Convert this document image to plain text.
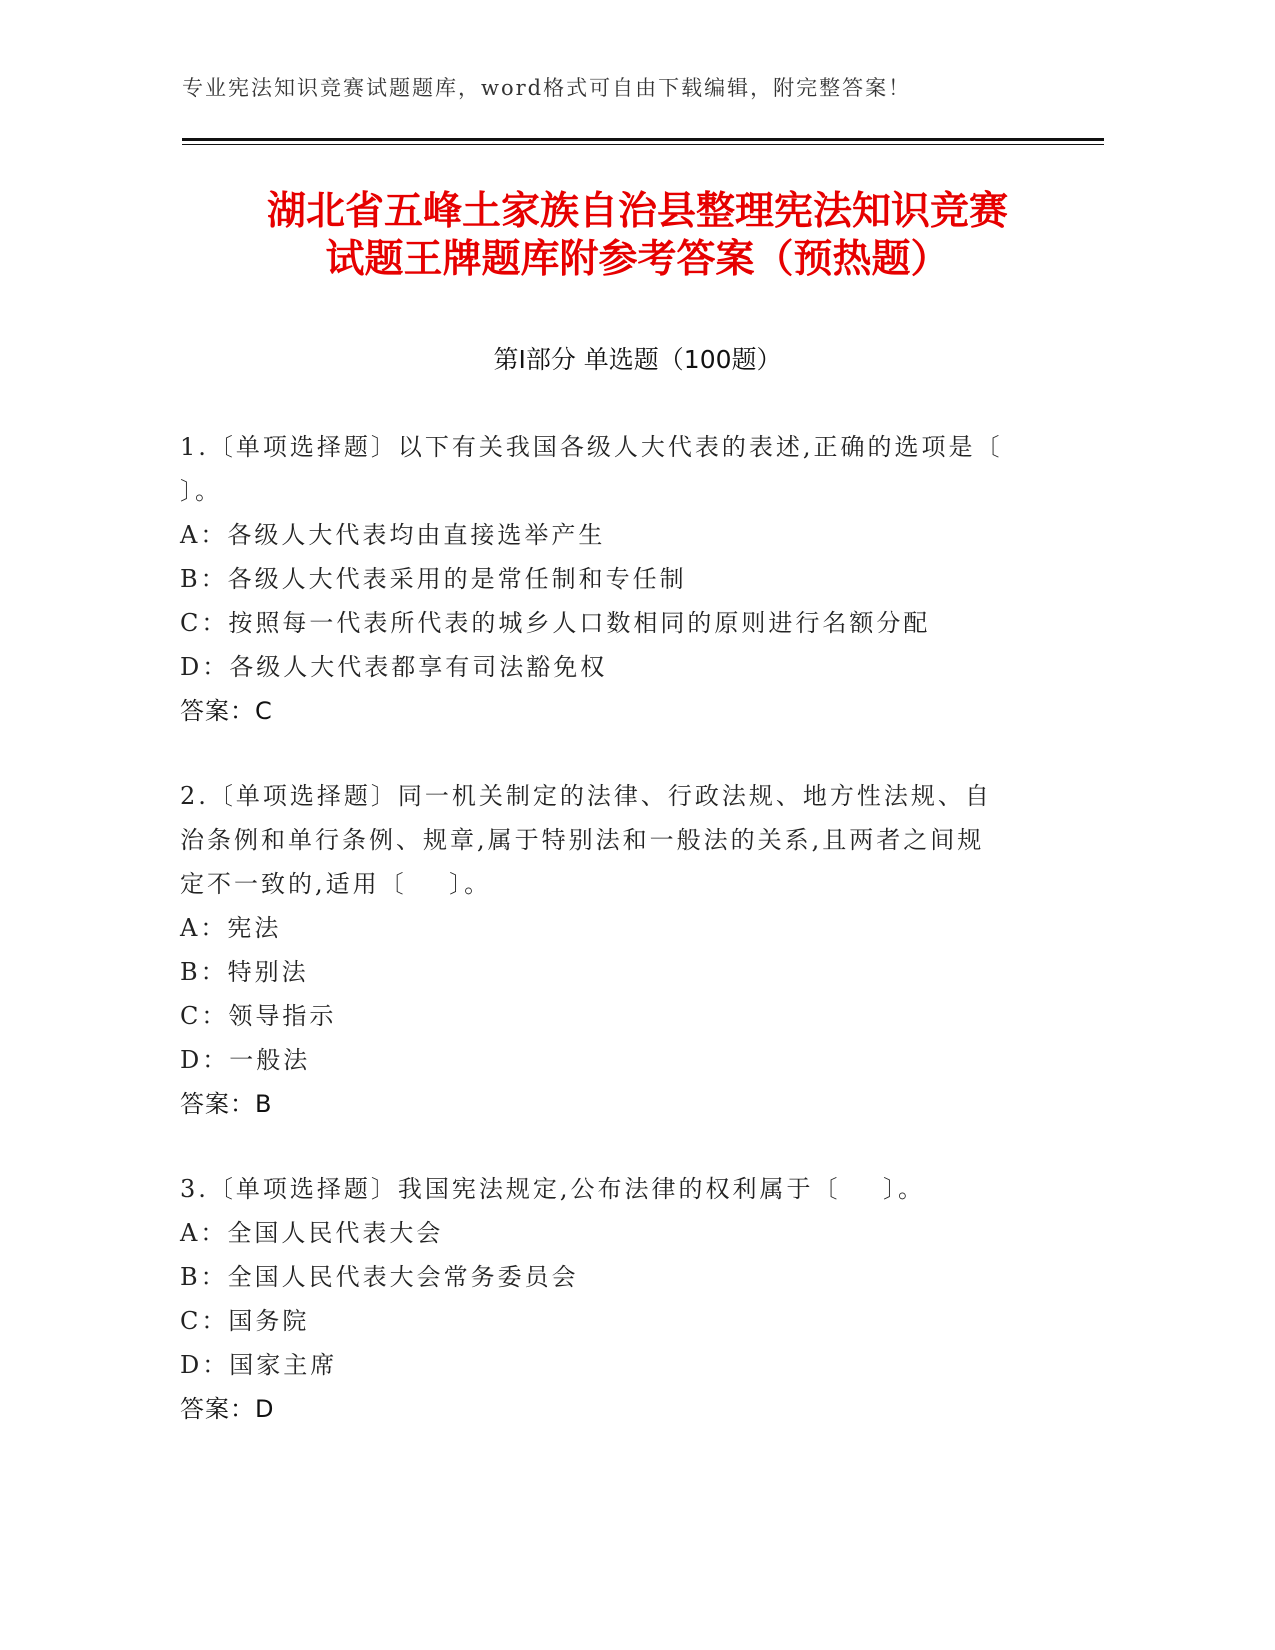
专业宪法知识竞赛试题题库，word格式可自由下载编辑，附完整答案！
湖北省五峰土家族自治县整理宪法知识竞赛
试题王牌题库附参考答案（预热题）
第Ⅰ部分 单选题（100题）
1.〔单项选择题〕以下有关我国各级人大代表的表述,正确的选项是〔
〕。
A：各级人大代表均由直接选举产生
B：各级人大代表采用的是常任制和专任制
C：按照每一代表所代表的城乡人口数相同的原则进行名额分配
D：各级人大代表都享有司法豁免权
答案：C
2.〔单项选择题〕同一机关制定的法律、行政法规、地方性法规、自
治条例和单行条例、规章,属于特别法和一般法的关系,且两者之间规
定不一致的,适用〔    〕。
A：宪法
B：特别法
C：领导指示
D：一般法
答案：B
3.〔单项选择题〕我国宪法规定,公布法律的权利属于〔    〕。
A：全国人民代表大会
B：全国人民代表大会常务委员会
C：国务院
D：国家主席
答案：D
